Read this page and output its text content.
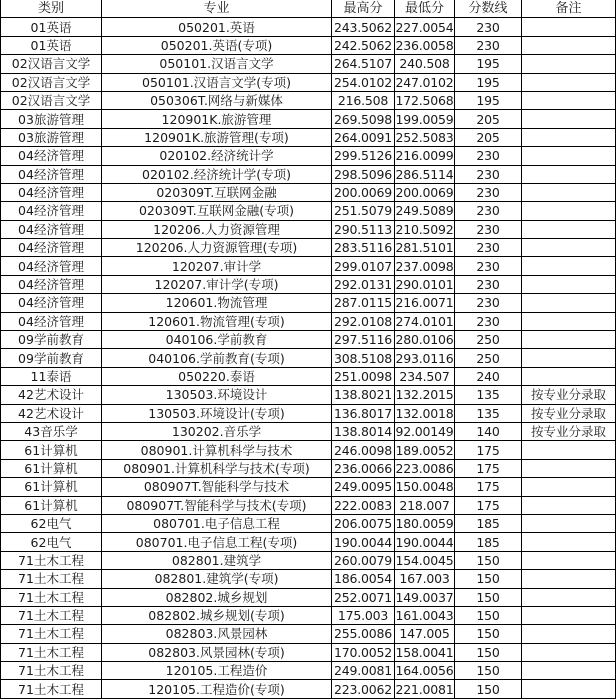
类别	专业	最高分	最低分	分数线	备注
01英语	050201.英语	243.5062	227.0054	230	
01英语	050201.英语(专项)	242.5062	236.0058	230	
02汉语言文学	050101.汉语言文学	264.5107	240.508	195	
02汉语言文学	050101.汉语言文学(专项)	254.0102	247.0102	195	
02汉语言文学	050306T.网络与新媒体	216.508	172.5068	195	
03旅游管理	120901K.旅游管理	269.5098	199.0059	205	
03旅游管理	120901K.旅游管理(专项)	264.0091	252.5083	205	
04经济管理	020102.经济统计学	299.5126	216.0099	230	
04经济管理	020102.经济统计学(专项)	298.5096	286.5114	230	
04经济管理	020309T.互联网金融	200.0069	200.0069	230	
04经济管理	020309T.互联网金融(专项)	251.5079	249.5089	230	
04经济管理	120206.人力资源管理	290.5113	210.5092	230	
04经济管理	120206.人力资源管理(专项)	283.5116	281.5101	230	
04经济管理	120207.审计学	299.0107	237.0098	230	
04经济管理	120207.审计学(专项)	292.0131	290.0101	230	
04经济管理	120601.物流管理	287.0115	216.0071	230	
04经济管理	120601.物流管理(专项)	292.0108	274.0101	230	
09学前教育	040106.学前教育	297.5116	280.0106	250	
09学前教育	040106.学前教育(专项)	308.5108	293.0116	250	
11泰语	050220.泰语	251.0098	234.507	240	
42艺术设计	130503.环境设计	138.8021	132.2015	135	按专业分录取
42艺术设计	130503.环境设计(专项)	136.8017	132.0018	135	按专业分录取
43音乐学	130202.音乐学	138.8014	92.00149	140	按专业分录取
61计算机	080901.计算机科学与技术	246.0098	189.0052	175	
61计算机	080901.计算机科学与技术(专项)	236.0066	223.0086	175	
61计算机	080907T.智能科学与技术	249.0095	150.0048	175	
61计算机	080907T.智能科学与技术(专项)	222.0083	218.007	175	
62电气	080701.电子信息工程	206.0075	180.0059	185	
62电气	080701.电子信息工程(专项)	190.0044	190.0044	185	
71土木工程	082801.建筑学	260.0079	154.0045	150	
71土木工程	082801.建筑学(专项)	186.0054	167.003	150	
71土木工程	082802.城乡规划	252.0071	149.0037	150	
71土木工程	082802.城乡规划(专项)	175.003	161.0043	150	
71土木工程	082803.风景园林	255.0086	147.005	150	
71土木工程	082803.风景园林(专项)	170.0052	158.0041	150	
71土木工程	120105.工程造价	249.0081	164.0056	150	
71土木工程	120105.工程造价(专项)	223.0062	221.0081	150	
